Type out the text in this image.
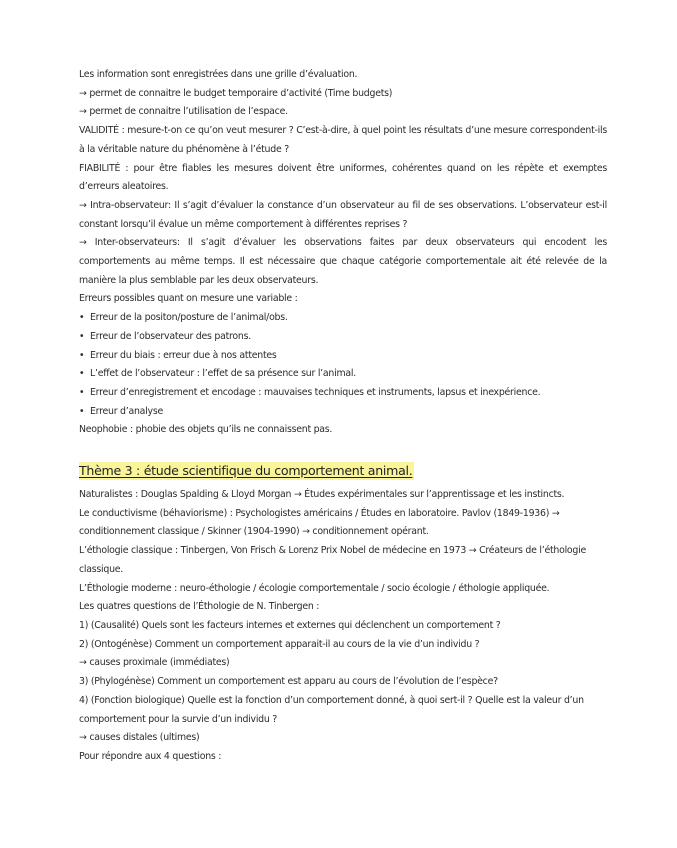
Les information sont enregistrées dans une grille d’évaluation.
→ permet de connaitre le budget temporaire d’activité (Time budgets)
→ permet de connaitre l’utilisation de l’espace.
VALIDITÉ : mesure-t-on ce qu’on veut mesurer ? C’est-à-dire, à quel point les résultats d’une mesure correspondent-ils à la véritable nature du phénomène à l’étude ?
FIABILITÉ : pour être fiables les mesures doivent être uniformes, cohérentes quand on les répète et exemptes d’erreurs aleatoires.
→ Intra-observateur: Il s’agit d’évaluer la constance d’un observateur au fil de ses observations. L’observateur est-il constant lorsqu’il évalue un même comportement à différentes reprises ?
→ Inter-observateurs: Il s’agit d’évaluer les observations faites par deux observateurs qui encodent les comportements au même temps. Il est nécessaire que chaque catégorie comportementale ait été relevée de la manière la plus semblable par les deux observateurs.
Erreurs possibles quant on mesure une variable :
• Erreur de la positon/posture de l’animal/obs.
• Erreur de l’observateur des patrons.
• Erreur du biais : erreur due à nos attentes
• L’effet de l’observateur : l’effet de sa présence sur l’animal.
• Erreur d’enregistrement et encodage : mauvaises techniques et instruments, lapsus et inexpérience.
• Erreur d’analyse
Neophobie : phobie des objets qu’ils ne connaissent pas.
Thème 3 : étude scientifique du comportement animal.
Naturalistes : Douglas Spalding & Lloyd Morgan → Études expérimentales sur l’apprentissage et les instincts.
Le conductivisme (béhaviorisme) : Psychologistes américains / Études en laboratoire. Pavlov (1849-1936) → conditionnement classique / Skinner (1904-1990) → conditionnement opérant.
L’éthologie classique : Tinbergen, Von Frisch & Lorenz Prix Nobel de médecine en 1973 → Créateurs de l’éthologie classique.
L’Éthologie moderne : neuro-éthologie / écologie comportementale / socio écologie / éthologie appliquée.
Les quatres questions de l’Éthologie de N. Tinbergen :
1) (Causalité) Quels sont les facteurs internes et externes qui déclenchent un comportement ?
2) (Ontogénèse) Comment un comportement apparait-il au cours de la vie d’un individu ?
→ causes proximale (immédiates)
3) (Phylogénèse) Comment un comportement est apparu au cours de l’évolution de l’espèce?
4) (Fonction biologique) Quelle est la fonction d’un comportement donné, à quoi sert-il ? Quelle est la valeur d’un comportement pour la survie d’un individu ?
→ causes distales (ultimes)
Pour répondre aux 4 questions :
